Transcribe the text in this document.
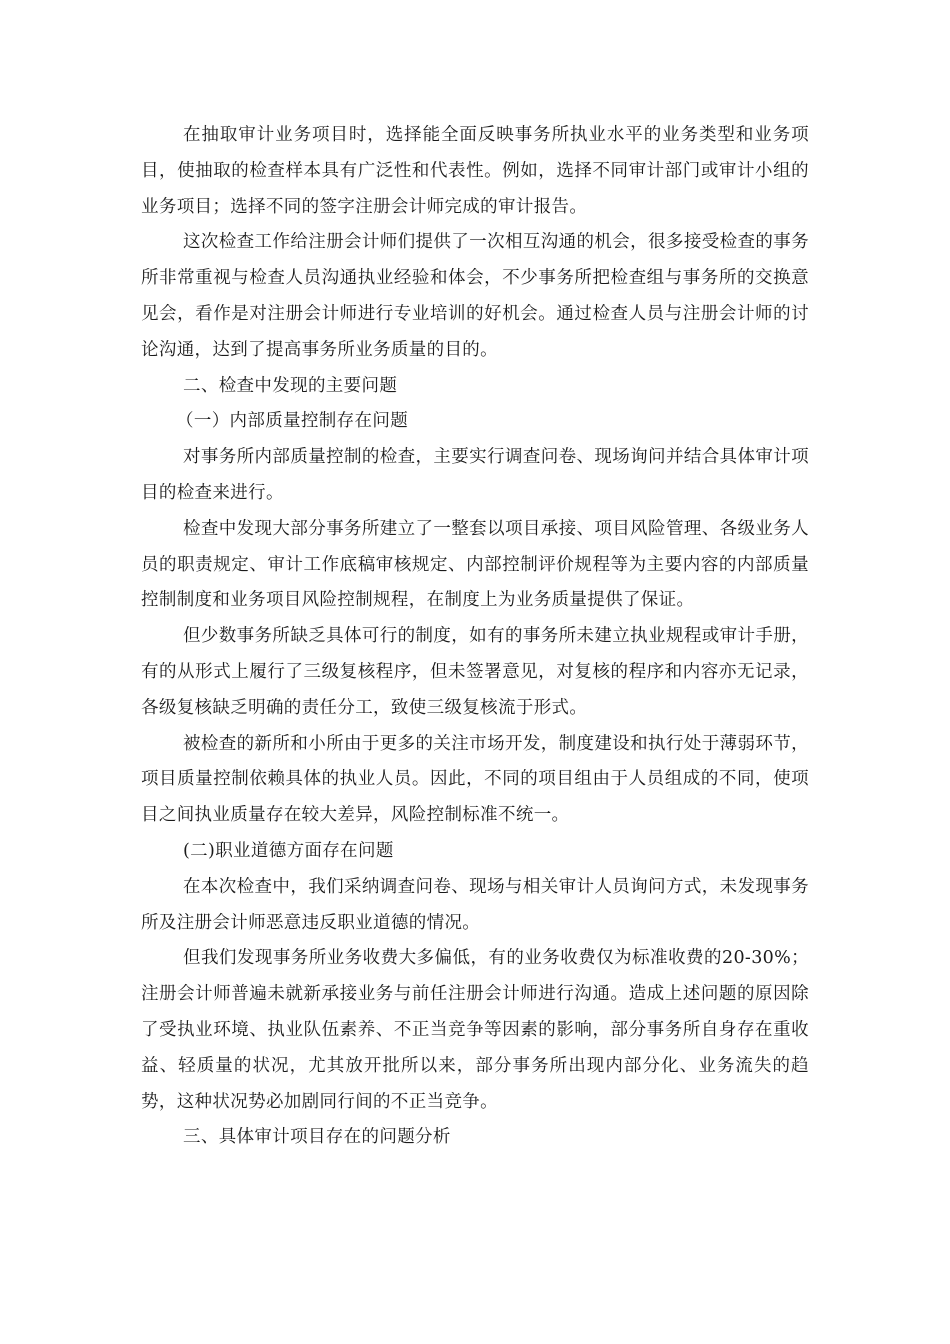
在抽取审计业务项目时，选择能全面反映事务所执业水平的业务类型和业务项目，使抽取的检查样本具有广泛性和代表性。例如，选择不同审计部门或审计小组的业务项目；选择不同的签字注册会计师完成的审计报告。

这次检查工作给注册会计师们提供了一次相互沟通的机会，很多接受检查的事务所非常重视与检查人员沟通执业经验和体会，不少事务所把检查组与事务所的交换意见会，看作是对注册会计师进行专业培训的好机会。通过检查人员与注册会计师的讨论沟通，达到了提高事务所业务质量的目的。

二、检查中发现的主要问题

（一）内部质量控制存在问题

对事务所内部质量控制的检查，主要实行调查问卷、现场询问并结合具体审计项目的检查来进行。

检查中发现大部分事务所建立了一整套以项目承接、项目风险管理、各级业务人员的职责规定、审计工作底稿审核规定、内部控制评价规程等为主要内容的内部质量控制制度和业务项目风险控制规程，在制度上为业务质量提供了保证。

但少数事务所缺乏具体可行的制度，如有的事务所未建立执业规程或审计手册，有的从形式上履行了三级复核程序，但未签署意见，对复核的程序和内容亦无记录，各级复核缺乏明确的责任分工，致使三级复核流于形式。

被检查的新所和小所由于更多的关注市场开发，制度建设和执行处于薄弱环节，项目质量控制依赖具体的执业人员。因此，不同的项目组由于人员组成的不同，使项目之间执业质量存在较大差异，风险控制标准不统一。

(二)职业道德方面存在问题

在本次检查中，我们采纳调查问卷、现场与相关审计人员询问方式，未发现事务所及注册会计师恶意违反职业道德的情况。

但我们发现事务所业务收费大多偏低，有的业务收费仅为标准收费的20-30%；注册会计师普遍未就新承接业务与前任注册会计师进行沟通。造成上述问题的原因除了受执业环境、执业队伍素养、不正当竞争等因素的影响，部分事务所自身存在重收益、轻质量的状况，尤其放开批所以来，部分事务所出现内部分化、业务流失的趋势，这种状况势必加剧同行间的不正当竞争。

三、具体审计项目存在的问题分析
